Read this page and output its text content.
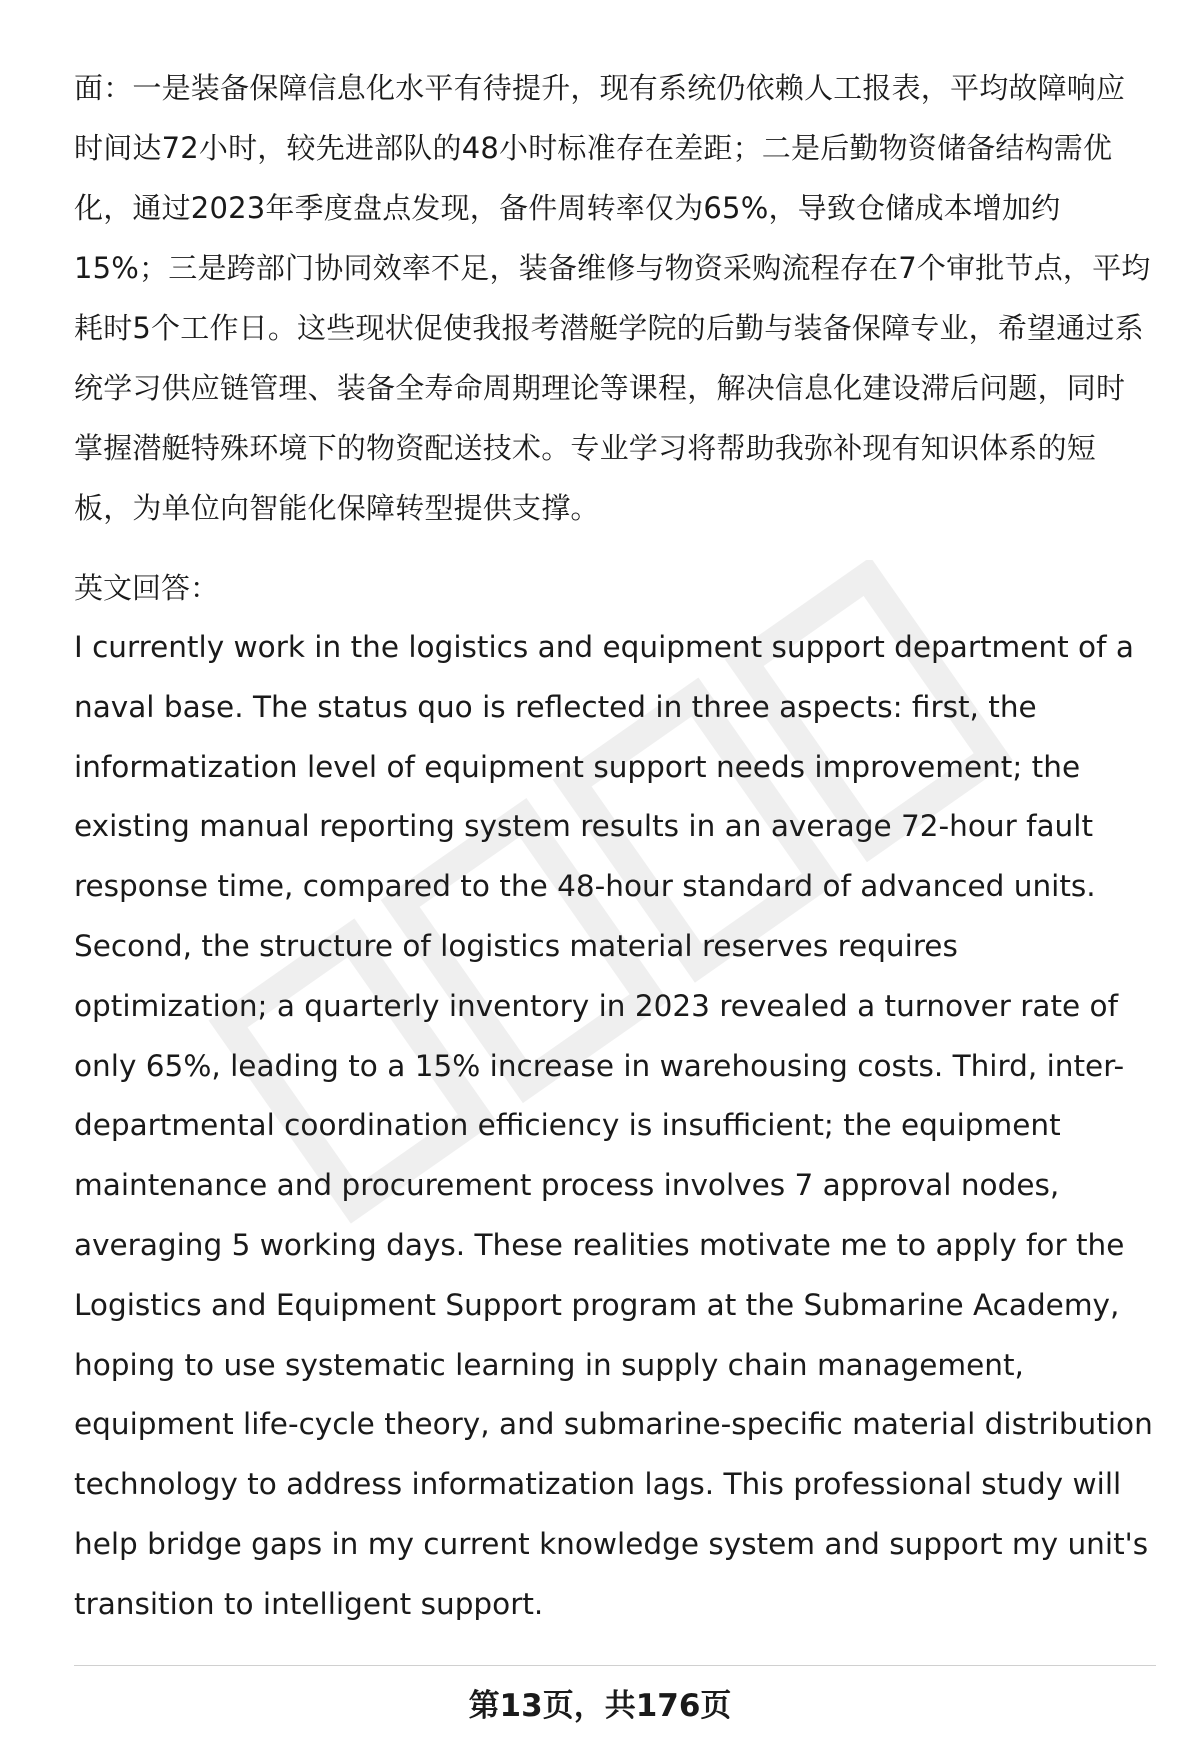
面：一是装备保障信息化水平有待提升，现有系统仍依赖人工报表，平均故障响应时间达72小时，较先进部队的48小时标准存在差距；二是后勤物资储备结构需优化，通过2023年季度盘点发现，备件周转率仅为65%，导致仓储成本增加约15%；三是跨部门协同效率不足，装备维修与物资采购流程存在7个审批节点，平均耗时5个工作日。这些现状促使我报考潜艇学院的后勤与装备保障专业，希望通过系统学习供应链管理、装备全寿命周期理论等课程，解决信息化建设滞后问题，同时掌握潜艇特殊环境下的物资配送技术。专业学习将帮助我弥补现有知识体系的短板，为单位向智能化保障转型提供支撑。

英文回答：

I currently work in the logistics and equipment support department of a naval base. The status quo is reflected in three aspects: first, the informatization level of equipment support needs improvement; the existing manual reporting system results in an average 72-hour fault response time, compared to the 48-hour standard of advanced units. Second, the structure of logistics material reserves requires optimization; a quarterly inventory in 2023 revealed a turnover rate of only 65%, leading to a 15% increase in warehousing costs. Third, inter-departmental coordination efficiency is insufficient; the equipment maintenance and procurement process involves 7 approval nodes, averaging 5 working days. These realities motivate me to apply for the Logistics and Equipment Support program at the Submarine Academy, hoping to use systematic learning in supply chain management, equipment life-cycle theory, and submarine-specific material distribution technology to address informatization lags. This professional study will help bridge gaps in my current knowledge system and support my unit's transition to intelligent support.

第13页，共176页
